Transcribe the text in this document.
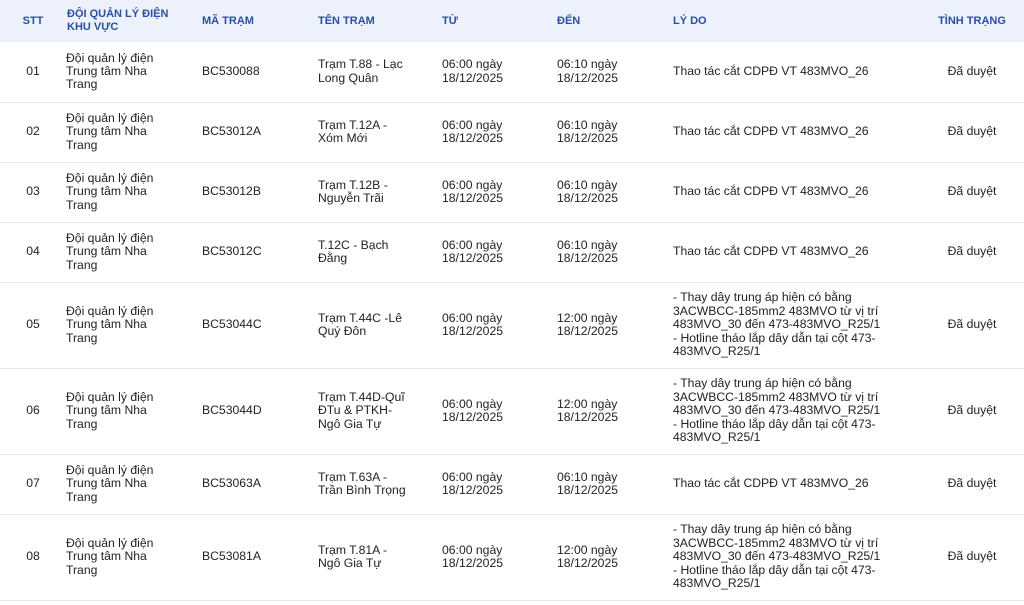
STT	ĐỘI QUẢN LÝ ĐIỆN KHU VỰC	MÃ TRẠM	TÊN TRẠM	TỪ	ĐẾN	LÝ DO	TÌNH TRẠNG

01	Đội quản lý điện Trung tâm Nha Trang	BC530088	Trạm T.88 - Lạc Long Quân	06:00 ngày 18/12/2025	06:10 ngày 18/12/2025	Thao tác cắt CDPĐ VT 483MVO_26	Đã duyệt

02	Đội quản lý điện Trung tâm Nha Trang	BC53012A	Trạm T.12A -Xóm Mới	06:00 ngày 18/12/2025	06:10 ngày 18/12/2025	Thao tác cắt CDPĐ VT 483MVO_26	Đã duyệt

03	Đội quản lý điện Trung tâm Nha Trang	BC53012B	Trạm T.12B - Nguyễn Trãi	06:00 ngày 18/12/2025	06:10 ngày 18/12/2025	Thao tác cắt CDPĐ VT 483MVO_26	Đã duyệt

04	Đội quản lý điện Trung tâm Nha Trang	BC53012C	T.12C - Bạch Đằng	06:00 ngày 18/12/2025	06:10 ngày 18/12/2025	Thao tác cắt CDPĐ VT 483MVO_26	Đã duyệt

05	Đội quản lý điện Trung tâm Nha Trang	BC53044C	Trạm T.44C -Lê Quý Đôn	06:00 ngày 18/12/2025	12:00 ngày 18/12/2025	- Thay dây trung áp hiện có bằng 3ACWBCC-185mm2 483MVO từ vị trí 483MVO_30 đến 473-483MVO_R25/1 - Hotline tháo lắp dây dẫn tại cột 473-483MVO_R25/1	Đã duyệt

06	Đội quản lý điện Trung tâm Nha Trang	BC53044D	Trạm T.44D-Quĩ ĐTu & PTKH-Ngô Gia Tự	06:00 ngày 18/12/2025	12:00 ngày 18/12/2025	- Thay dây trung áp hiện có bằng 3ACWBCC-185mm2 483MVO từ vị trí 483MVO_30 đến 473-483MVO_R25/1 - Hotline tháo lắp dây dẫn tại cột 473-483MVO_R25/1	Đã duyệt

07	Đội quản lý điện Trung tâm Nha Trang	BC53063A	Trạm T.63A - Trần Bình Trọng	06:00 ngày 18/12/2025	06:10 ngày 18/12/2025	Thao tác cắt CDPĐ VT 483MVO_26	Đã duyệt

08	Đội quản lý điện Trung tâm Nha Trang	BC53081A	Trạm T.81A - Ngô Gia Tự	06:00 ngày 18/12/2025	12:00 ngày 18/12/2025	- Thay dây trung áp hiện có bằng 3ACWBCC-185mm2 483MVO từ vị trí 483MVO_30 đến 473-483MVO_R25/1 - Hotline tháo lắp dây dẫn tại cột 473-483MVO_R25/1	Đã duyệt
